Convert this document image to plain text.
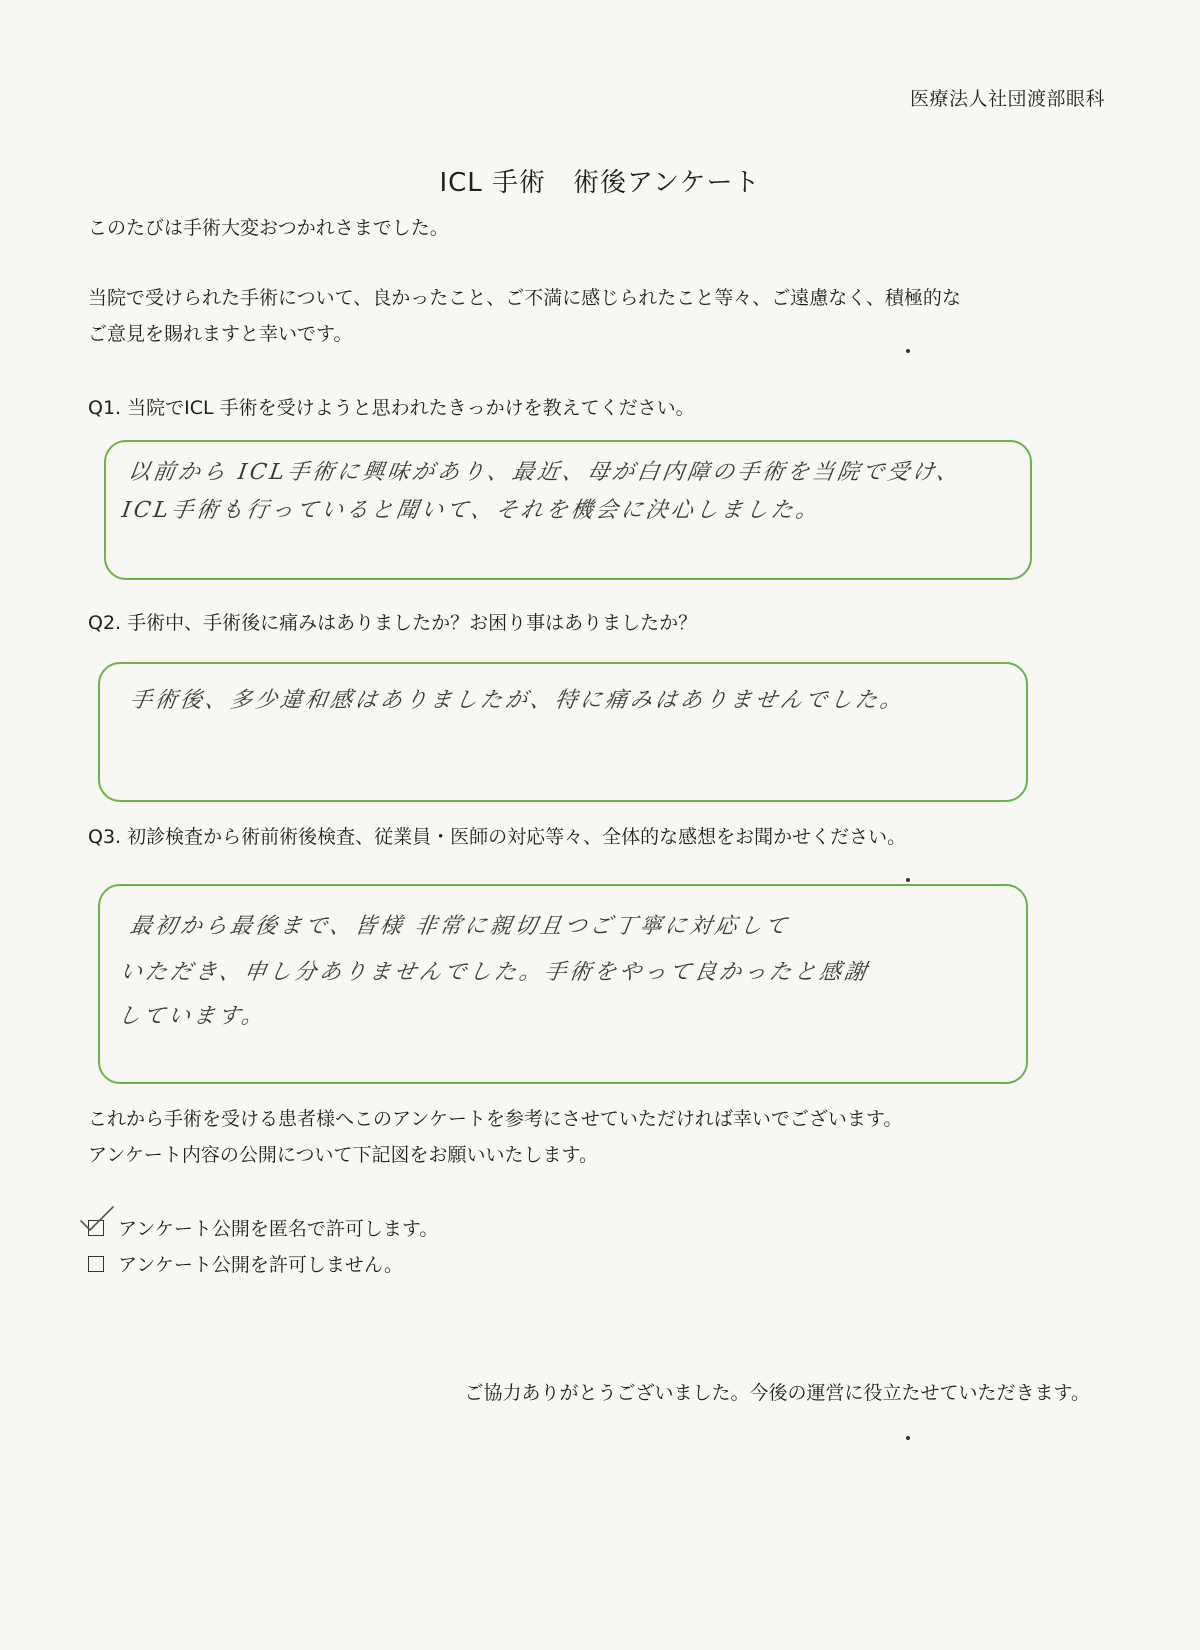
医療法人社団渡部眼科
ICL 手術　術後アンケート
このたびは手術大変おつかれさまでした。
当院で受けられた手術について、良かったこと、ご不満に感じられたこと等々、ご遠慮なく、積極的な
ご意見を賜れますと幸いです。
Q1. 当院でICL 手術を受けようと思われたきっかけを教えてください。
以前から ICL手術に興味があり、最近、母が白内障の手術を当院で受け、
ICL手術も行っていると聞いて、それを機会に決心しました。
Q2. 手術中、手術後に痛みはありましたか？お困り事はありましたか？
手術後、多少違和感はありましたが、特に痛みはありませんでした。
Q3. 初診検査から術前術後検査、従業員・医師の対応等々、全体的な感想をお聞かせください。
最初から最後まで、皆様 非常に親切且つご丁寧に対応して
いただき、申し分ありませんでした。手術をやって良かったと感謝
しています。
これから手術を受ける患者様へこのアンケートを参考にさせていただければ幸いでございます。
アンケート内容の公開について下記図をお願いいたします。
アンケート公開を匿名で許可します。
アンケート公開を許可しません。
ご協力ありがとうございました。今後の運営に役立たせていただきます。
